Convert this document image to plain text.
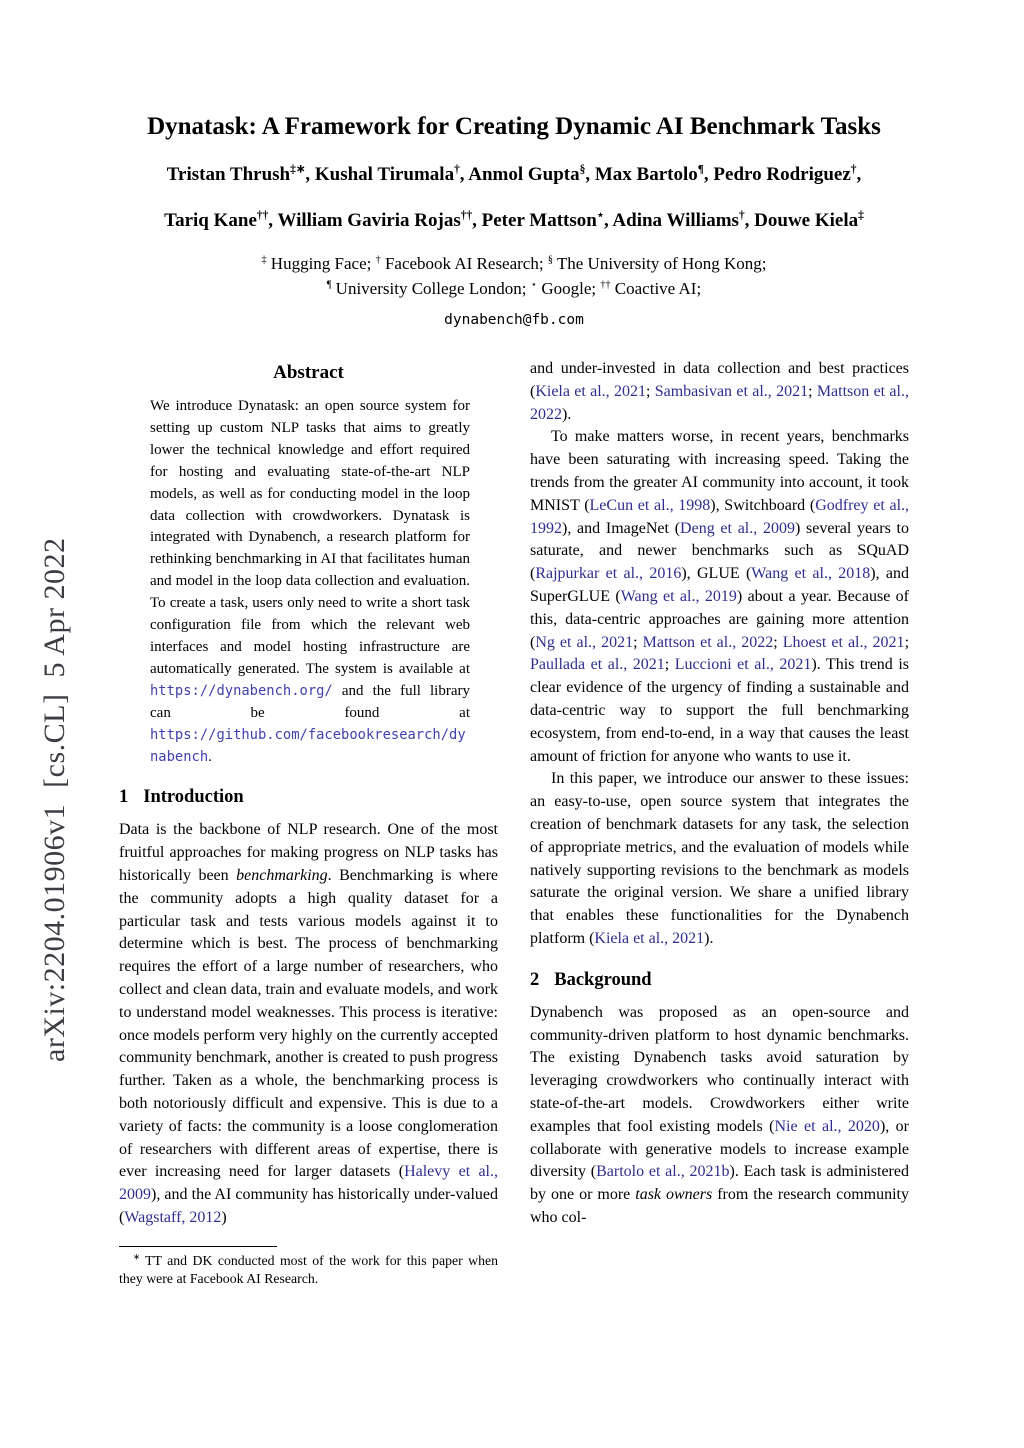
arXiv:2204.01906v1  [cs.CL]  5 Apr 2022
Dynatask: A Framework for Creating Dynamic AI Benchmark Tasks
Tristan Thrush‡∗, Kushal Tirumala†, Anmol Gupta§, Max Bartolo¶, Pedro Rodriguez†,
Tariq Kane††, William Gaviria Rojas††, Peter Mattson⋆, Adina Williams†, Douwe Kiela‡
‡ Hugging Face; † Facebook AI Research; § The University of Hong Kong;
¶ University College London; ⋆ Google; †† Coactive AI;
dynabench@fb.com
Abstract
We introduce Dynatask: an open source system for setting up custom NLP tasks that aims to greatly lower the technical knowledge and effort required for hosting and evaluating state-of-the-art NLP models, as well as for conducting model in the loop data collection with crowdworkers. Dynatask is integrated with Dynabench, a research platform for rethinking benchmarking in AI that facilitates human and model in the loop data collection and evaluation. To create a task, users only need to write a short task configuration file from which the relevant web interfaces and model hosting infrastructure are automatically generated. The system is available at https://dynabench.org/ and the full library can be found at https://github.com/facebookresearch/dynabench.
1 Introduction

Data is the backbone of NLP research. One of the most fruitful approaches for making progress on NLP tasks has historically been benchmarking. Benchmarking is where the community adopts a high quality dataset for a particular task and tests various models against it to determine which is best. The process of benchmarking requires the effort of a large number of researchers, who collect and clean data, train and evaluate models, and work to understand model weaknesses. This process is iterative: once models perform very highly on the currently accepted community benchmark, another is created to push progress further. Taken as a whole, the benchmarking process is both notoriously difficult and expensive. This is due to a variety of facts: the community is a loose conglomeration of researchers with different areas of expertise, there is ever increasing need for larger datasets (Halevy et al., 2009), and the AI community has historically under-valued (Wagstaff, 2012)

∗ TT and DK conducted most of the work for this paper when they were at Facebook AI Research.

and under-invested in data collection and best practices (Kiela et al., 2021; Sambasivan et al., 2021; Mattson et al., 2022).

To make matters worse, in recent years, benchmarks have been saturating with increasing speed. Taking the trends from the greater AI community into account, it took MNIST (LeCun et al., 1998), Switchboard (Godfrey et al., 1992), and ImageNet (Deng et al., 2009) several years to saturate, and newer benchmarks such as SQuAD (Rajpurkar et al., 2016), GLUE (Wang et al., 2018), and SuperGLUE (Wang et al., 2019) about a year. Because of this, data-centric approaches are gaining more attention (Ng et al., 2021; Mattson et al., 2022; Lhoest et al., 2021; Paullada et al., 2021; Luccioni et al., 2021). This trend is clear evidence of the urgency of finding a sustainable and data-centric way to support the full benchmarking ecosystem, from end-to-end, in a way that causes the least amount of friction for anyone who wants to use it.

In this paper, we introduce our answer to these issues: an easy-to-use, open source system that integrates the creation of benchmark datasets for any task, the selection of appropriate metrics, and the evaluation of models while natively supporting revisions to the benchmark as models saturate the original version. We share a unified library that enables these functionalities for the Dynabench platform (Kiela et al., 2021).

2 Background

Dynabench was proposed as an open-source and community-driven platform to host dynamic benchmarks. The existing Dynabench tasks avoid saturation by leveraging crowdworkers who continually interact with state-of-the-art models. Crowdworkers either write examples that fool existing models (Nie et al., 2020), or collaborate with generative models to increase example diversity (Bartolo et al., 2021b). Each task is administered by one or more task owners from the research community who col-
